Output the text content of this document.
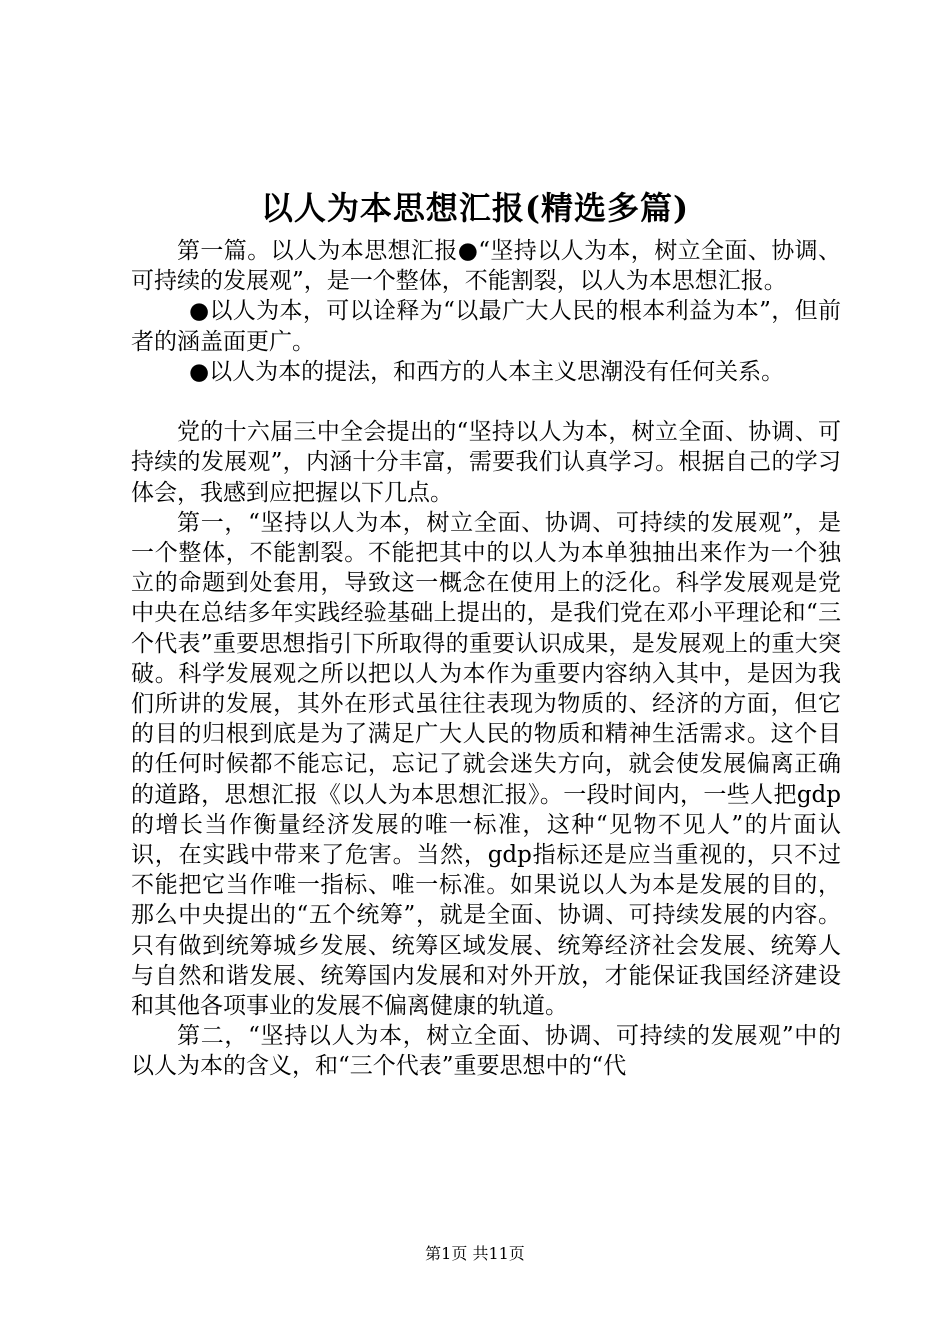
以人为本思想汇报(精选多篇)

第一篇。以人为本思想汇报●“坚持以人为本，树立全面、协调、可持续的发展观”，是一个整体，不能割裂，以人为本思想汇报。

●以人为本，可以诠释为“以最广大人民的根本利益为本”，但前者的涵盖面更广。

●以人为本的提法，和西方的人本主义思潮没有任何关系。

党的十六届三中全会提出的“坚持以人为本，树立全面、协调、可持续的发展观”，内涵十分丰富，需要我们认真学习。根据自己的学习体会，我感到应把握以下几点。

第一，“坚持以人为本，树立全面、协调、可持续的发展观”，是一个整体，不能割裂。不能把其中的以人为本单独抽出来作为一个独立的命题到处套用，导致这一概念在使用上的泛化。科学发展观是党中央在总结多年实践经验基础上提出的，是我们党在邓小平理论和“三个代表”重要思想指引下所取得的重要认识成果，是发展观上的重大突破。科学发展观之所以把以人为本作为重要内容纳入其中，是因为我们所讲的发展，其外在形式虽往往表现为物质的、经济的方面，但它的目的归根到底是为了满足广大人民的物质和精神生活需求。这个目的任何时候都不能忘记，忘记了就会迷失方向，就会使发展偏离正确的道路，思想汇报《以人为本思想汇报》。一段时间内，一些人把gdp的增长当作衡量经济发展的唯一标准，这种“见物不见人”的片面认识，在实践中带来了危害。当然，gdp指标还是应当重视的，只不过不能把它当作唯一指标、唯一标准。如果说以人为本是发展的目的，那么中央提出的“五个统筹”，就是全面、协调、可持续发展的内容。只有做到统筹城乡发展、统筹区域发展、统筹经济社会发展、统筹人与自然和谐发展、统筹国内发展和对外开放，才能保证我国经济建设和其他各项事业的发展不偏离健康的轨道。

第二，“坚持以人为本，树立全面、协调、可持续的发展观”中的以人为本的含义，和“三个代表”重要思想中的“代

第1页 共11页
